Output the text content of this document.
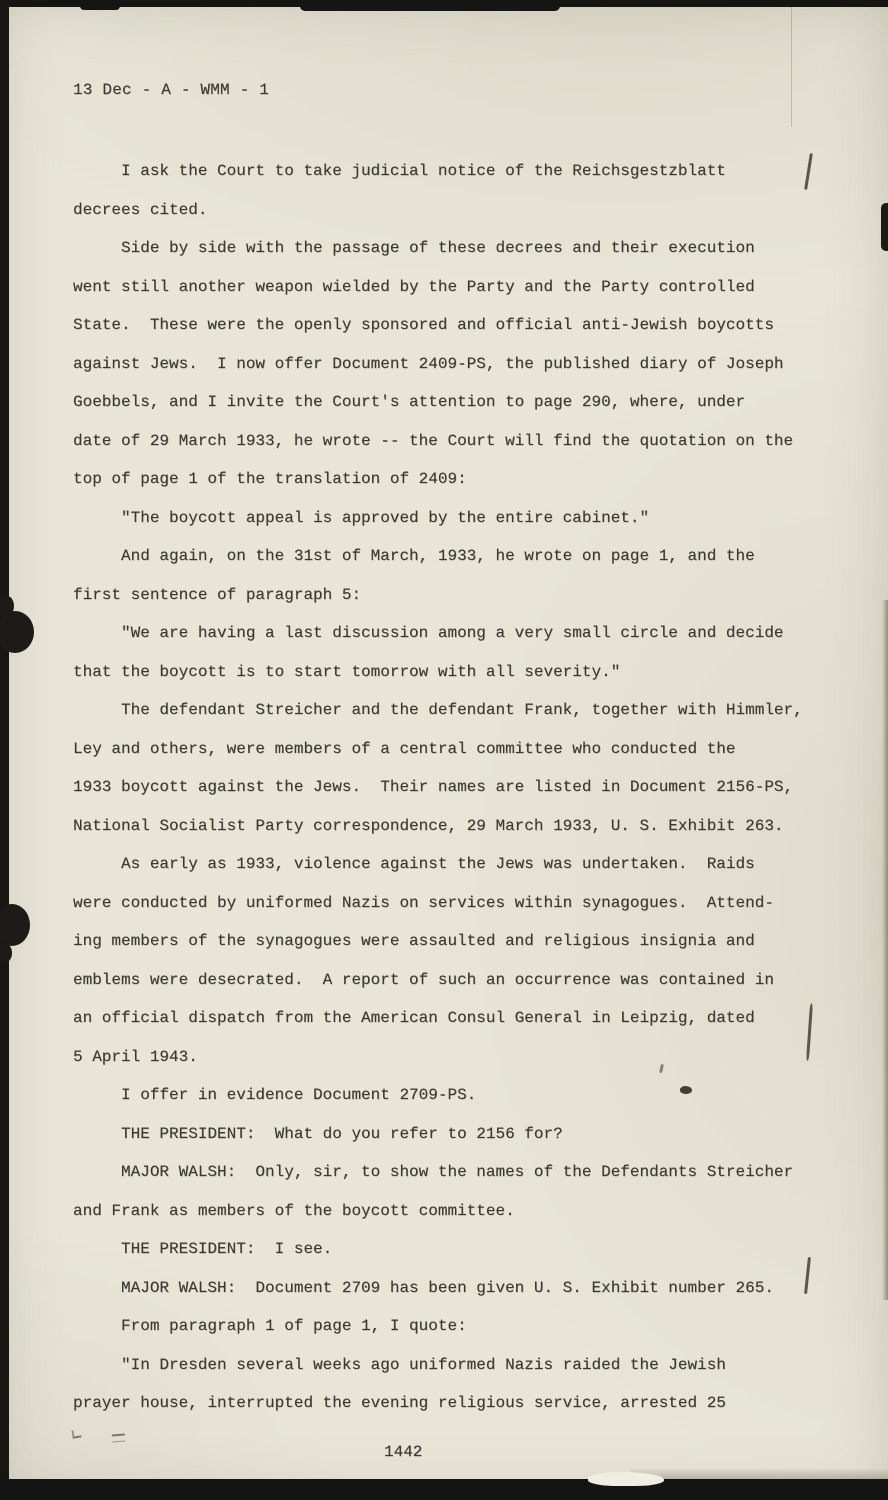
13 Dec - A - WMM - 1
I ask the Court to take judicial notice of the Reichsgestzblatt
decrees cited.
Side by side with the passage of these decrees and their execution
went still another weapon wielded by the Party and the Party controlled
State.  These were the openly sponsored and official anti-Jewish boycotts
against Jews.  I now offer Document 2409-PS, the published diary of Joseph
Goebbels, and I invite the Court's attention to page 290, where, under
date of 29 March 1933, he wrote -- the Court will find the quotation on the
top of page 1 of the translation of 2409:
"The boycott appeal is approved by the entire cabinet."
And again, on the 31st of March, 1933, he wrote on page 1, and the
first sentence of paragraph 5:
"We are having a last discussion among a very small circle and decide
that the boycott is to start tomorrow with all severity."
The defendant Streicher and the defendant Frank, together with Himmler,
Ley and others, were members of a central committee who conducted the
1933 boycott against the Jews.  Their names are listed in Document 2156-PS,
National Socialist Party correspondence, 29 March 1933, U. S. Exhibit 263.
As early as 1933, violence against the Jews was undertaken.  Raids
were conducted by uniformed Nazis on services within synagogues.  Attend-
ing members of the synagogues were assaulted and religious insignia and
emblems were desecrated.  A report of such an occurrence was contained in
an official dispatch from the American Consul General in Leipzig, dated
5 April 1943.
I offer in evidence Document 2709-PS.
THE PRESIDENT:  What do you refer to 2156 for?
MAJOR WALSH:  Only, sir, to show the names of the Defendants Streicher
and Frank as members of the boycott committee.
THE PRESIDENT:  I see.
MAJOR WALSH:  Document 2709 has been given U. S. Exhibit number 265.
From paragraph 1 of page 1, I quote:
"In Dresden several weeks ago uniformed Nazis raided the Jewish
prayer house, interrupted the evening religious service, arrested 25
1442
